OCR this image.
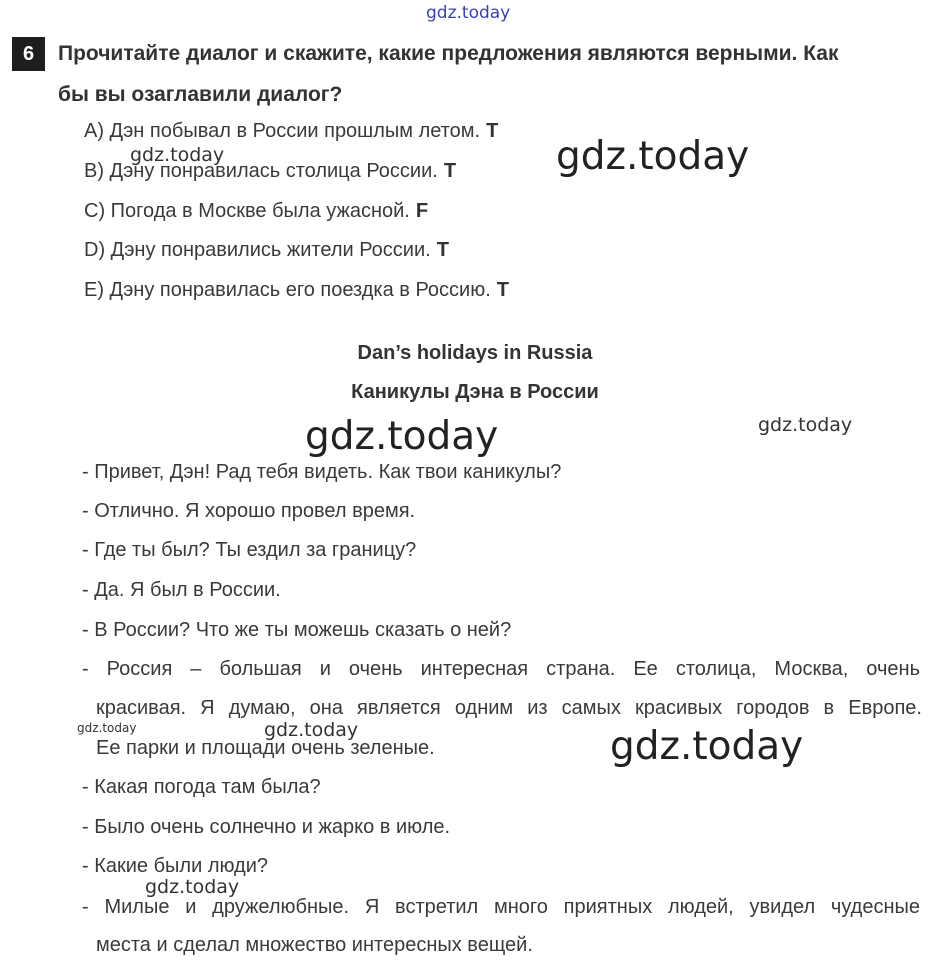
gdz.today
gdz.today	gdz.today
gdz.today	gdz.today
gdz.today	gdz.today	gdz.today
gdz.today
6	Прочитайте диалог и скажите, какие предложения являются верными. Как
бы вы озаглавили диалог?
A) Дэн побывал в России прошлым летом. T
B) Дэну понравилась столица России. T
C) Погода в Москве была ужасной. F
D) Дэну понравились жители России. T
E) Дэну понравилась его поездка в Россию. T
Dan’s holidays in Russia
Каникулы Дэна в России
- Привет, Дэн! Рад тебя видеть. Как твои каникулы?
- Отлично. Я хорошо провел время.
- Где ты был? Ты ездил за границу?
- Да. Я был в России.
- В России? Что же ты можешь сказать о ней?
- Россия – большая и очень интересная страна. Ее столица, Москва, очень
красивая. Я думаю, она является одним из самых красивых городов в Европе.
Ее парки и площади очень зеленые.
- Какая погода там была?
- Было очень солнечно и жарко в июле.
- Какие были люди?
- Милые и дружелюбные. Я встретил много приятных людей, увидел чудесные
места и сделал множество интересных вещей.
